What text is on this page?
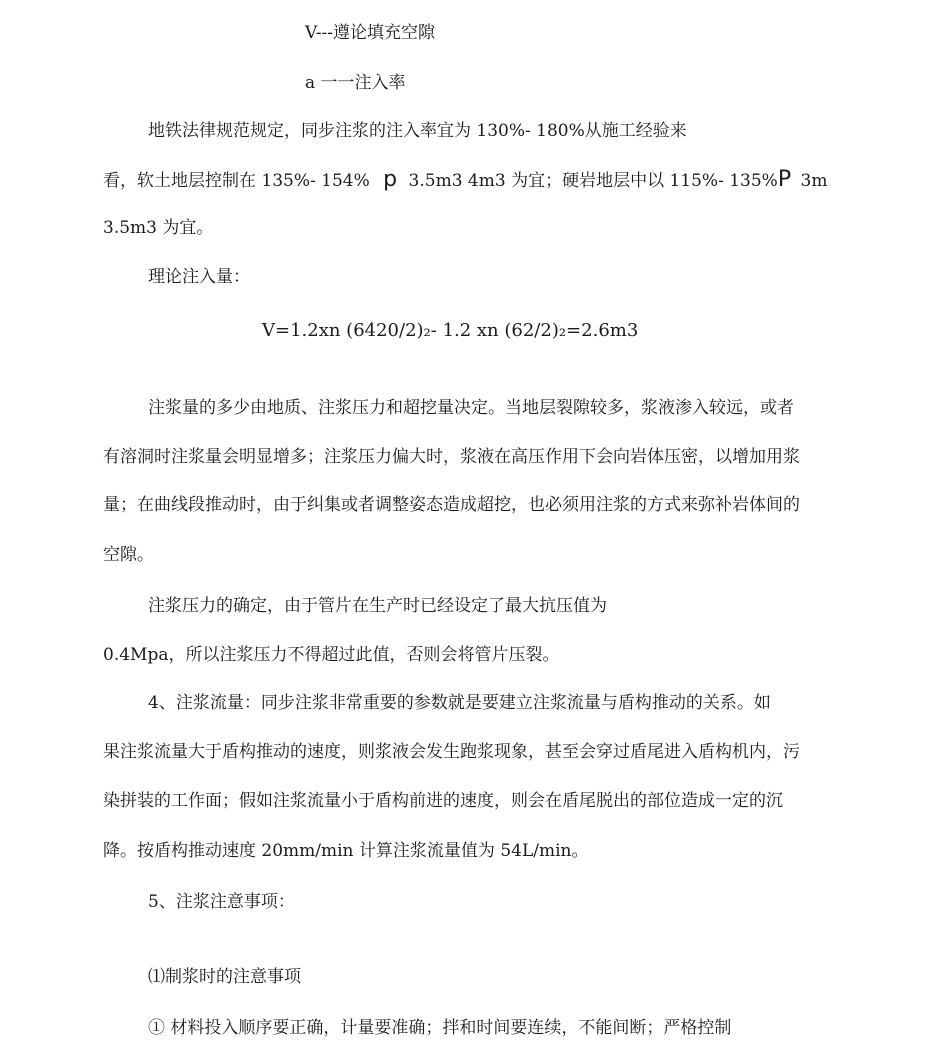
V---遵论填充空隙
a 一一注入率
地铁法律规范规定，同步注浆的注入率宜为 130%- 180%从施工经验来
看，软土地层控制在 135%- 154% p 3.5m3 4m3 为宜；硬岩地层中以 115%- 135%P 3m
3.5m3 为宜。
理论注入量：
V=1.2xn (6420/2)₂- 1.2 xn (62/2)₂=2.6m3
注浆量的多少由地质、注浆压力和超挖量决定。当地层裂隙较多，浆液渗入较远，或者
有溶洞时注浆量会明显增多；注浆压力偏大时，浆液在高压作用下会向岩体压密，以增加用浆
量；在曲线段推动时，由于纠集或者调整姿态造成超挖，也必须用注浆的方式来弥补岩体间的
空隙。
注浆压力的确定，由于管片在生产时已经设定了最大抗压值为
0.4Mpa，所以注浆压力不得超过此值，否则会将管片压裂。
4、注浆流量：同步注浆非常重要的参数就是要建立注浆流量与盾构推动的关系。如
果注浆流量大于盾构推动的速度，则浆液会发生跑浆现象，甚至会穿过盾尾进入盾构机内，污
染拼装的工作面；假如注浆流量小于盾构前进的速度，则会在盾尾脱出的部位造成一定的沉
降。按盾构推动速度 20mm/min 计算注浆流量值为 54L/min。
5、注浆注意事项：
⑴制浆时的注意事项
① 材料投入顺序要正确，计量要准确；拌和时间要连续，不能间断；严格控制
